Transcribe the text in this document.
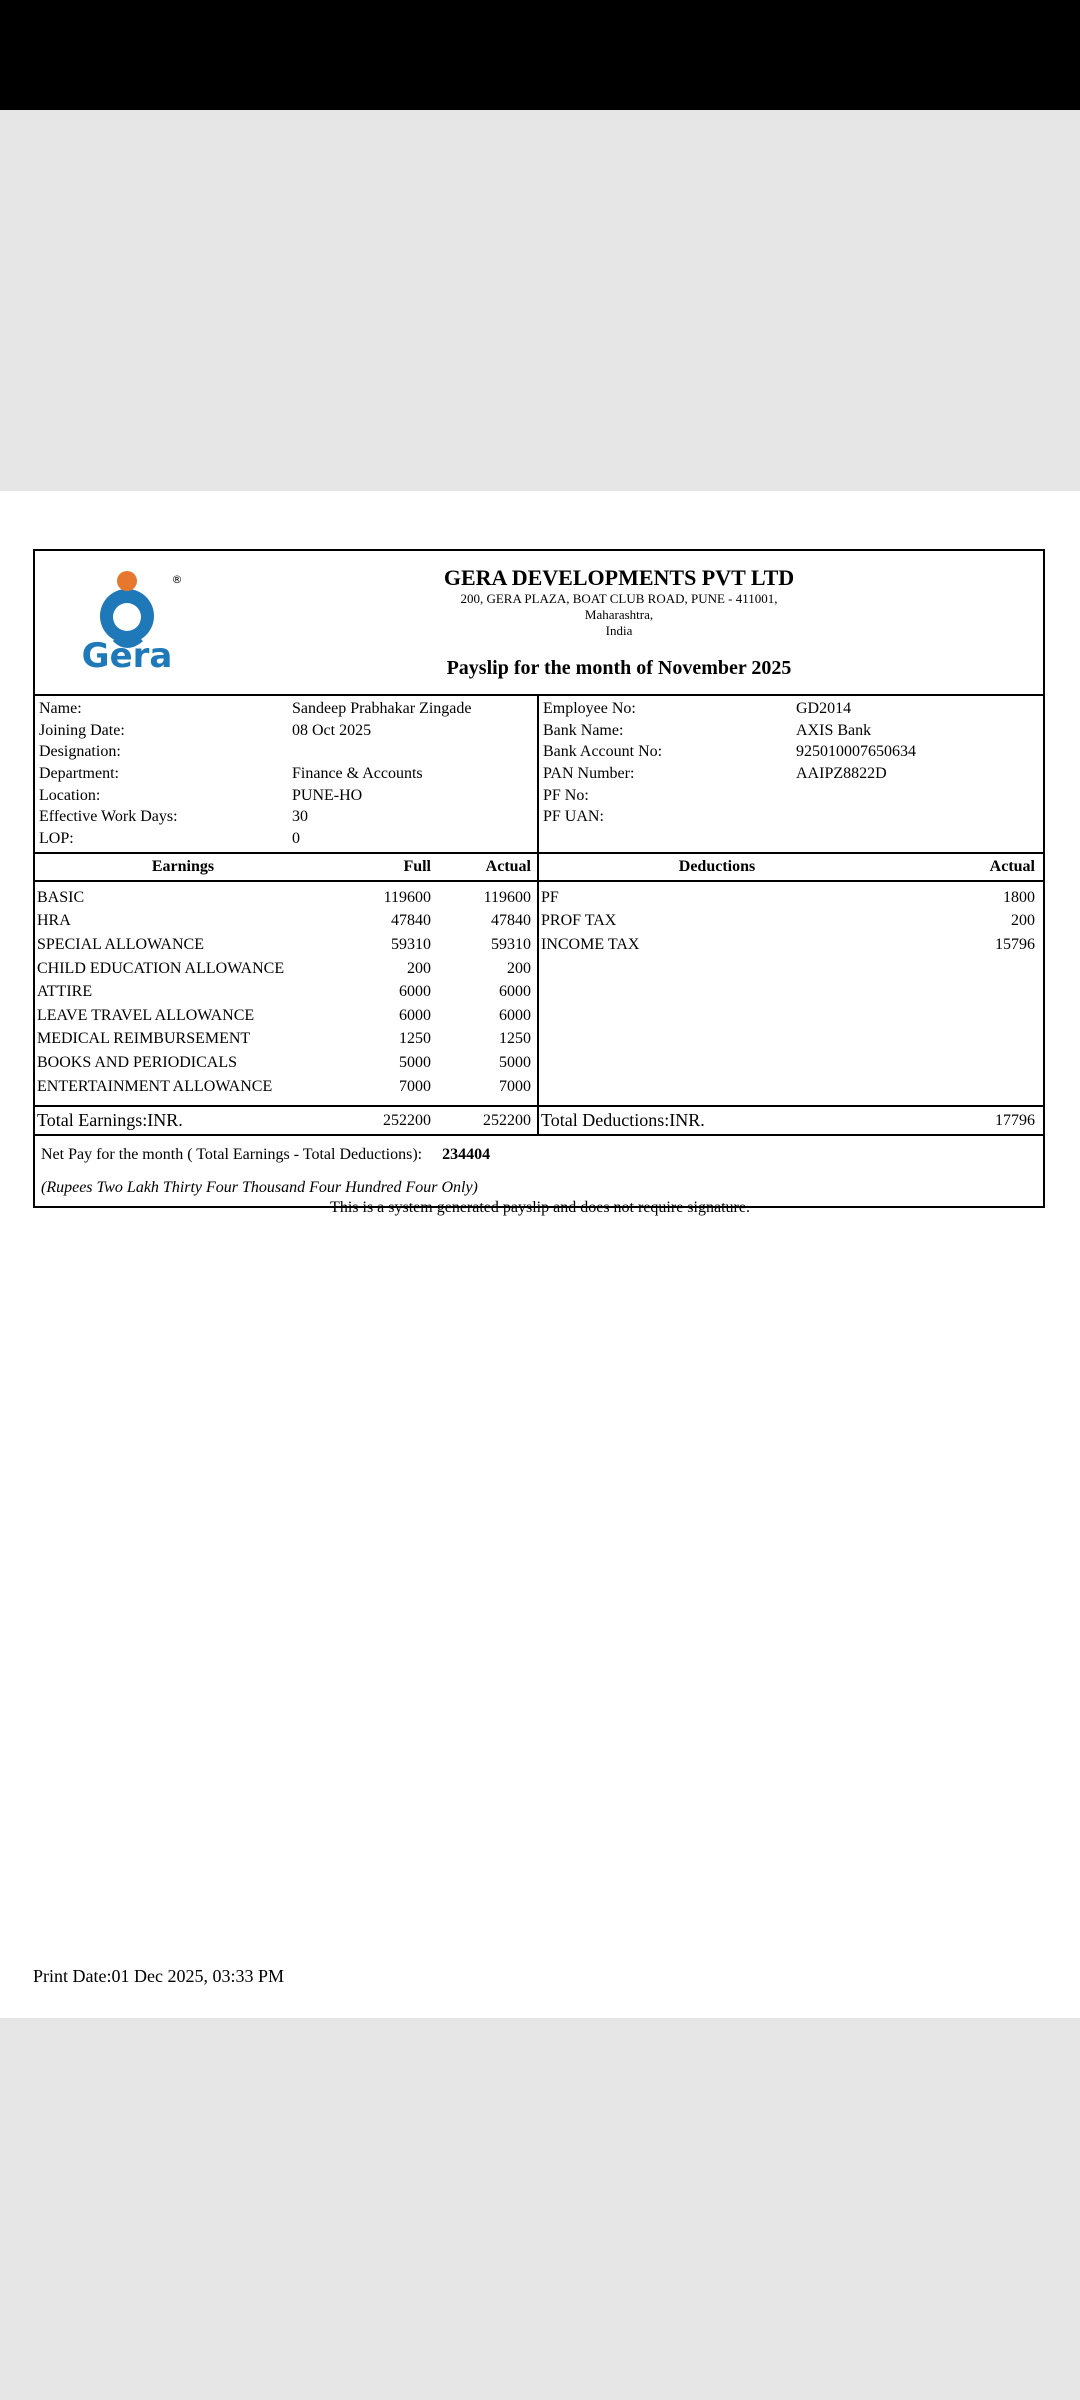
Gera
®	GERA DEVELOPMENTS PVT LTD
200, GERA PLAZA, BOAT CLUB ROAD, PUNE - 411001,
Maharashtra,
India
Payslip for the month of November 2025
Name:	Sandeep Prabhakar Zingade
Joining Date:	08 Oct 2025
Designation:
Department:	Finance & Accounts
Location:	PUNE-HO
Effective Work Days:	30
LOP:	0
Employee No:	GD2014
Bank Name:	AXIS Bank
Bank Account No:	925010007650634
PAN Number:	AAIPZ8822D
PF No:
PF UAN:
Earnings	Full	Actual
BASIC	119600	119600
HRA	47840	47840
SPECIAL ALLOWANCE	59310	59310
CHILD EDUCATION ALLOWANCE	200	200
ATTIRE	6000	6000
LEAVE TRAVEL ALLOWANCE	6000	6000
MEDICAL REIMBURSEMENT	1250	1250
BOOKS AND PERIODICALS	5000	5000
ENTERTAINMENT ALLOWANCE	7000	7000
Total Earnings:INR.	252200	252200
Deductions	Actual
PF	1800
PROF TAX	200
INCOME TAX	15796
Total Deductions:INR.	17796
Net Pay for the month ( Total Earnings - Total Deductions): 234404
(Rupees Two Lakh Thirty Four Thousand Four Hundred Four Only)
This is a system generated payslip and does not require signature.
Print Date:01 Dec 2025, 03:33 PM
